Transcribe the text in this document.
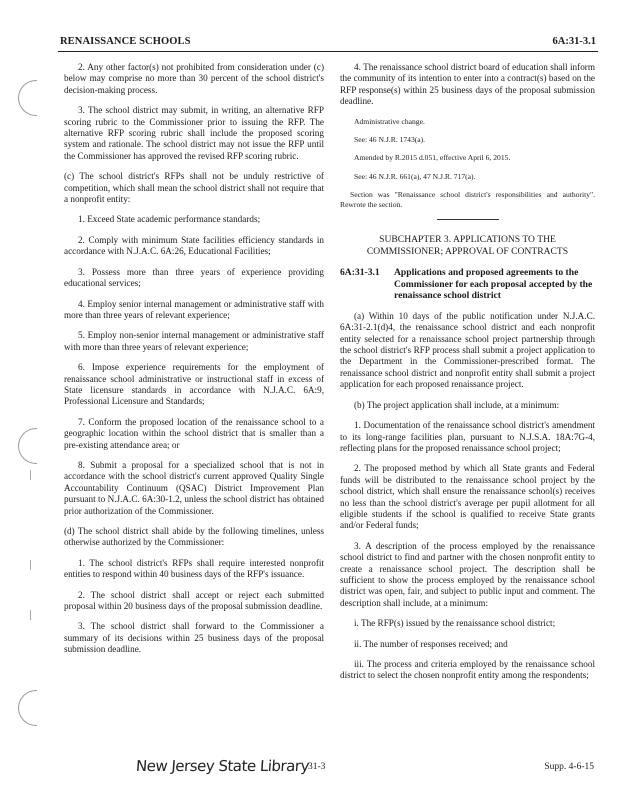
RENAISSANCE SCHOOLS	6A:31-3.1

2. Any other factor(s) not prohibited from consideration under (c) below may comprise no more than 30 percent of the school district's decision-making process.

3. The school district may submit, in writing, an alternative RFP scoring rubric to the Commissioner prior to issuing the RFP. The alternative RFP scoring rubric shall include the proposed scoring system and rationale. The school district may not issue the RFP until the Commissioner has approved the revised RFP scoring rubric.

(c) The school district's RFPs shall not be unduly restrictive of competition, which shall mean the school district shall not require that a nonprofit entity:

1. Exceed State academic performance standards;

2. Comply with minimum State facilities efficiency standards in accordance with N.J.A.C. 6A:26, Educational Facilities;

3. Possess more than three years of experience providing educational services;

4. Employ senior internal management or administrative staff with more than three years of relevant experience;

5. Employ non-senior internal management or administrative staff with more than three years of relevant experience;

6. Impose experience requirements for the employment of renaissance school administrative or instructional staff in excess of State licensure standards in accordance with N.J.A.C. 6A:9, Professional Licensure and Standards;

7. Conform the proposed location of the renaissance school to a geographic location within the school district that is smaller than a pre-existing attendance area; or

8. Submit a proposal for a specialized school that is not in accordance with the school district's current approved Quality Single Accountability Continuum (QSAC) District Improvement Plan pursuant to N.J.A.C. 6A:30-1.2, unless the school district has obtained prior authorization of the Commissioner.

(d) The school district shall abide by the following timelines, unless otherwise authorized by the Commissioner:

1. The school district's RFPs shall require interested nonprofit entities to respond within 40 business days of the RFP's issuance.

2. The school district shall accept or reject each submitted proposal within 20 business days of the proposal submission deadline.

3. The school district shall forward to the Commissioner a summary of its decisions within 25 business days of the proposal submission deadline.

4. The renaissance school district board of education shall inform the community of its intention to enter into a contract(s) based on the RFP response(s) within 25 business days of the proposal submission deadline.

Administrative change.

See: 46 N.J.R. 1743(a).

Amended by R.2015 d.051, effective April 6, 2015.

See: 46 N.J.R. 661(a), 47 N.J.R. 717(a).

Section was "Renaissance school district's responsibilities and authority". Rewrote the section.

SUBCHAPTER 3. APPLICATIONS TO THE COMMISSIONER; APPROVAL OF CONTRACTS

6A:31-3.1	Applications and proposed agreements to the Commissioner for each proposal accepted by the renaissance school district

(a) Within 10 days of the public notification under N.J.A.C. 6A:31-2.1(d)4, the renaissance school district and each nonprofit entity selected for a renaissance school project partnership through the school district's RFP process shall submit a project application to the Department in the Commissioner-prescribed format. The renaissance school district and nonprofit entity shall submit a project application for each proposed renaissance project.

(b) The project application shall include, at a minimum:

1. Documentation of the renaissance school district's amendment to its long-range facilities plan, pursuant to N.J.S.A. 18A:7G-4, reflecting plans for the proposed renaissance school project;

2. The proposed method by which all State grants and Federal funds will be distributed to the renaissance school project by the school district, which shall ensure the renaissance school(s) receives no less than the school district's average per pupil allotment for all eligible students if the school is qualified to receive State grants and/or Federal funds;

3. A description of the process employed by the renaissance school district to find and partner with the chosen nonprofit entity to create a renaissance school project. The description shall be sufficient to show the process employed by the renaissance school district was open, fair, and subject to public input and comment. The description shall include, at a minimum:

i. The RFP(s) issued by the renaissance school district;

ii. The number of responses received; and

iii. The process and criteria employed by the renaissance school district to select the chosen nonprofit entity among the respondents;

New Jersey State Library
31-3	Supp. 4-6-15
